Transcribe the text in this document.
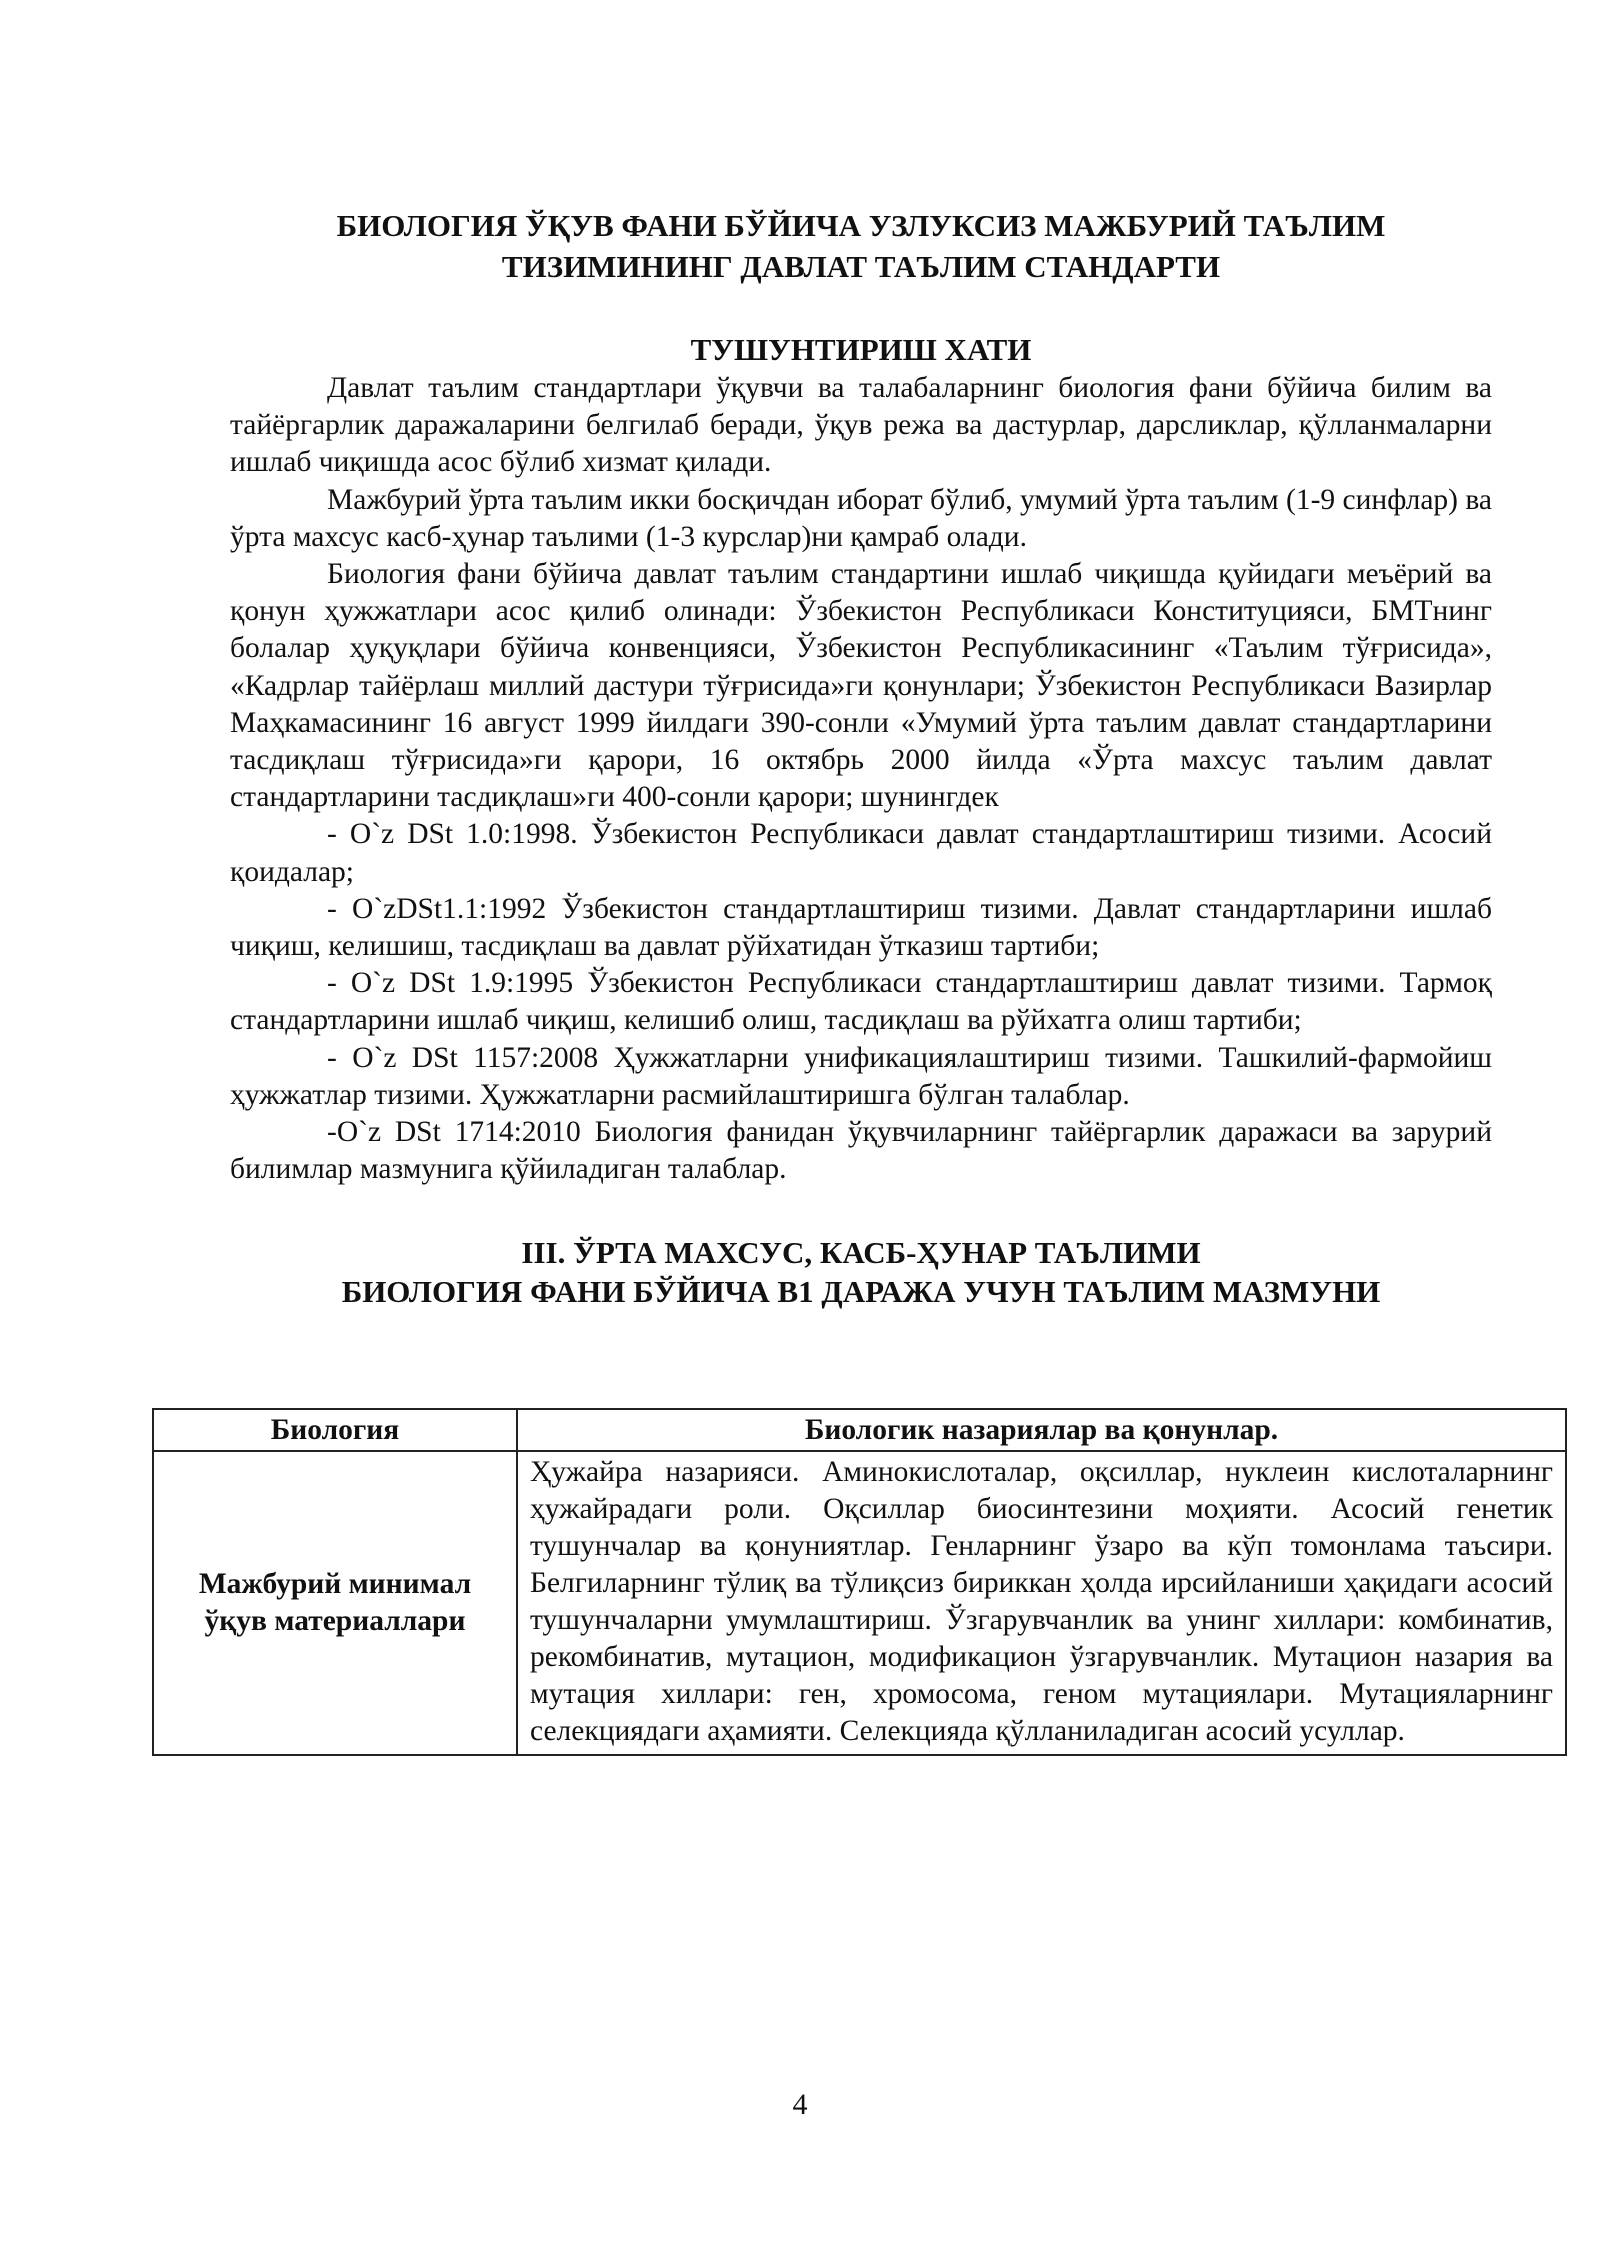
БИОЛОГИЯ ЎҚУВ ФАНИ БЎЙИЧА УЗЛУКСИЗ МАЖБУРИЙ ТАЪЛИМ
ТИЗИМИНИНГ ДАВЛАТ ТАЪЛИМ СТАНДАРТИ
ТУШУНТИРИШ ХАТИ

Давлат таълим стандартлари ўқувчи ва талабаларнинг биология фани бўйича билим ва тайёргарлик даражаларини белгилаб беради, ўқув режа ва дастурлар, дарсликлар, қўлланмаларни ишлаб чиқишда асос бўлиб хизмат қилади.

Мажбурий ўрта таълим икки босқичдан иборат бўлиб, умумий ўрта таълим (1-9 синфлар) ва ўрта махсус касб-ҳунар таълими (1-3 курслар)ни қамраб олади.

Биология фани бўйича давлат таълим стандартини ишлаб чиқишда қуйидаги меъёрий ва қонун ҳужжатлари асос қилиб олинади: Ўзбекистон Республикаси Конституцияси, БМТнинг болалар ҳуқуқлари бўйича конвенцияси, Ўзбекистон Республикасининг «Таълим тўғрисида», «Кадрлар тайёрлаш миллий дастури тўғрисида»ги қонунлари; Ўзбекистон Республикаси Вазирлар Маҳкамасининг 16 август 1999 йилдаги 390-сонли «Умумий ўрта таълим давлат стандартларини тасдиқлаш тўғрисида»ги қарори, 16 октябрь 2000 йилда «Ўрта махсус таълим давлат стандартларини тасдиқлаш»ги 400-сонли қарори; шунингдек

- O`z DSt 1.0:1998. Ўзбекистон Республикаси давлат стандартлаштириш тизими. Асосий қоидалар;

- O`zDSt1.1:1992 Ўзбекистон стандартлаштириш тизими. Давлат стандартларини ишлаб чиқиш, келишиш, тасдиқлаш ва давлат рўйхатидан ўтказиш тартиби;

- O`z DSt 1.9:1995 Ўзбекистон Республикаси стандартлаштириш давлат тизими. Тармоқ стандартларини ишлаб чиқиш, келишиб олиш, тасдиқлаш ва рўйхатга олиш тартиби;

- O`z DSt 1157:2008 Ҳужжатларни унификациялаштириш тизими. Ташкилий-фармойиш ҳужжатлар тизими. Ҳужжатларни расмийлаштиришга бўлган талаблар.

-O`z DSt 1714:2010 Биология фанидан ўқувчиларнинг тайёргарлик даражаси ва зарурий билимлар мазмунига қўйиладиган талаблар.

III. ЎРТА МАХСУС, КАСБ-ҲУНАР ТАЪЛИМИ
БИОЛОГИЯ ФАНИ БЎЙИЧА B1 ДАРАЖА УЧУН ТАЪЛИМ МАЗМУНИ
Биология	Биологик назариялар ва қонунлар.
Мажбурий минимал ўқув материаллари	Ҳужайра назарияси. Аминокислоталар, оқсиллар, нуклеин кислоталарнинг ҳужайрадаги роли. Оқсиллар биосинтезини моҳияти. Асосий генетик тушунчалар ва қонуниятлар. Генларнинг ўзаро ва кўп томонлама таъсири. Белгиларнинг тўлиқ ва тўлиқсиз бириккан ҳолда ирсийланиши ҳақидаги асосий тушунчаларни умумлаштириш. Ўзгарувчанлик ва унинг хиллари: комбинатив, рекомбинатив, мутацион, модификацион ўзгарувчанлик. Мутацион назария ва мутация хиллари: ген, хромосома, геном мутациялари. Мутацияларнинг селекциядаги аҳамияти. Селекцияда қўлланиладиган асосий усуллар.
4
